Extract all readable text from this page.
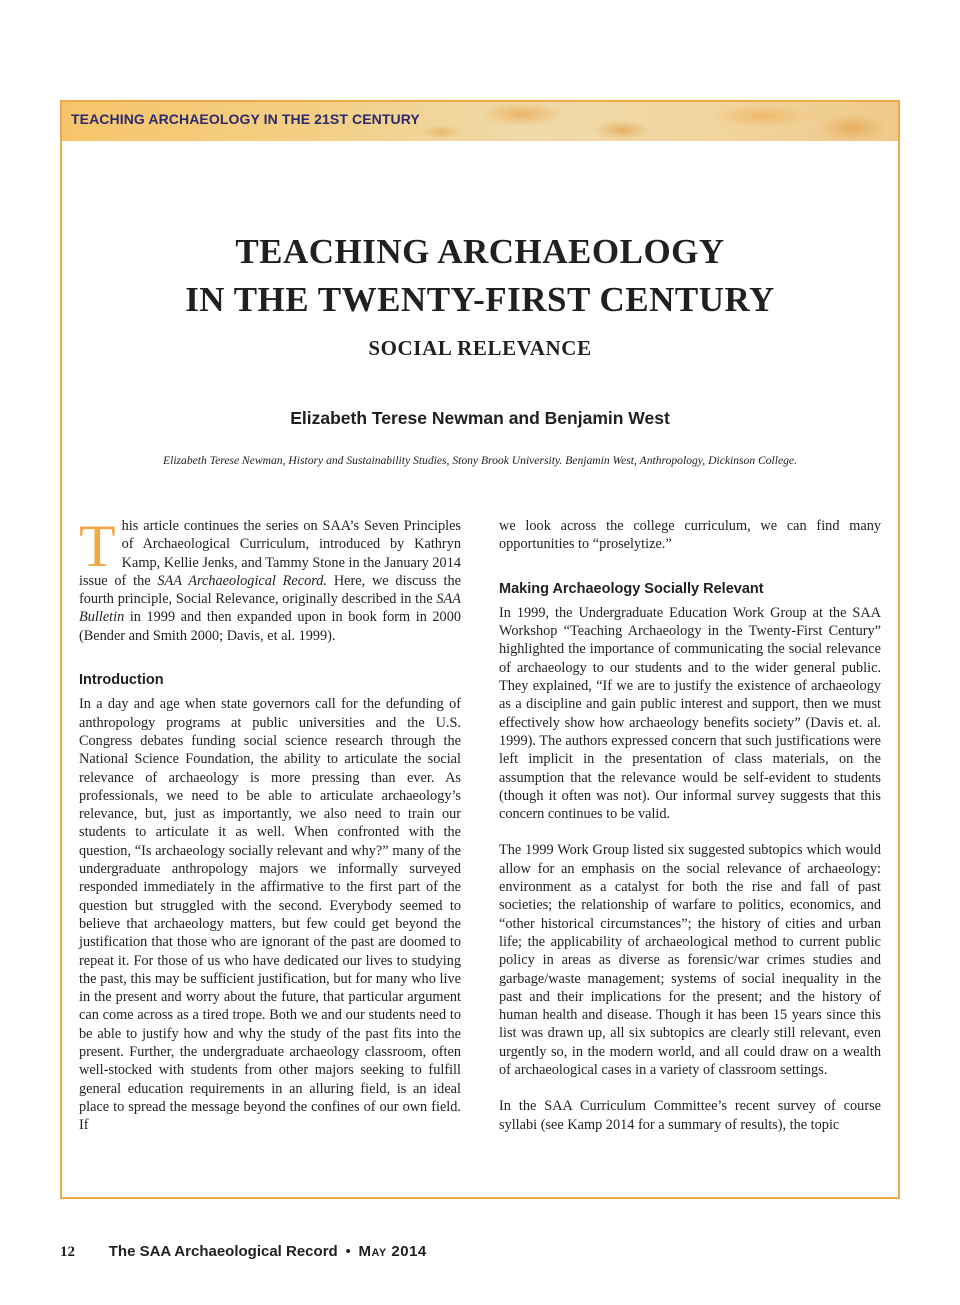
TEACHING ARCHAEOLOGY IN THE 21ST CENTURY
TEACHING ARCHAEOLOGY
IN THE TWENTY-FIRST CENTURY
SOCIAL RELEVANCE
Elizabeth Terese Newman and Benjamin West
Elizabeth Terese Newman, History and Sustainability Studies, Stony Brook University. Benjamin West, Anthropology, Dickinson College.

This article continues the series on SAA’s Seven Principles of Archaeological Curriculum, introduced by Kathryn Kamp, Kellie Jenks, and Tammy Stone in the January 2014 issue of the SAA Archaeological Record. Here, we discuss the fourth principle, Social Relevance, originally described in the SAA Bulletin in 1999 and then expanded upon in book form in 2000 (Bender and Smith 2000; Davis, et al. 1999).

Introduction

In a day and age when state governors call for the defunding of anthropology programs at public universities and the U.S. Congress debates funding social science research through the National Science Foundation, the ability to articulate the social relevance of archaeology is more pressing than ever. As professionals, we need to be able to articulate archaeology’s relevance, but, just as importantly, we also need to train our students to articulate it as well. When confronted with the question, “Is archaeology socially relevant and why?” many of the undergraduate anthropology majors we informally surveyed responded immediately in the affirmative to the first part of the question but struggled with the second. Everybody seemed to believe that archaeology matters, but few could get beyond the justification that those who are ignorant of the past are doomed to repeat it. For those of us who have dedicated our lives to studying the past, this may be sufficient justification, but for many who live in the present and worry about the future, that particular argument can come across as a tired trope. Both we and our students need to be able to justify how and why the study of the past fits into the present. Further, the undergraduate archaeology classroom, often well-stocked with students from other majors seeking to fulfill general education requirements in an alluring field, is an ideal place to spread the message beyond the confines of our own field. If

we look across the college curriculum, we can find many opportunities to “proselytize.”

Making Archaeology Socially Relevant

In 1999, the Undergraduate Education Work Group at the SAA Workshop “Teaching Archaeology in the Twenty-First Century” highlighted the importance of communicating the social relevance of archaeology to our students and to the wider general public. They explained, “If we are to justify the existence of archaeology as a discipline and gain public interest and support, then we must effectively show how archaeology benefits society” (Davis et. al. 1999). The authors expressed concern that such justifications were left implicit in the presentation of class materials, on the assumption that the relevance would be self-evident to students (though it often was not). Our informal survey suggests that this concern continues to be valid.

The 1999 Work Group listed six suggested subtopics which would allow for an emphasis on the social relevance of archaeology: environment as a catalyst for both the rise and fall of past societies; the relationship of warfare to politics, economics, and “other historical circumstances”; the history of cities and urban life; the applicability of archaeological method to current public policy in areas as diverse as forensic/war crimes studies and garbage/waste management; systems of social inequality in the past and their implications for the present; and the history of human health and disease. Though it has been 15 years since this list was drawn up, all six subtopics are clearly still relevant, even urgently so, in the modern world, and all could draw on a wealth of archaeological cases in a variety of classroom settings.

In the SAA Curriculum Committee’s recent survey of course syllabi (see Kamp 2014 for a summary of results), the topic

12 The SAA Archaeological Record • May 2014
